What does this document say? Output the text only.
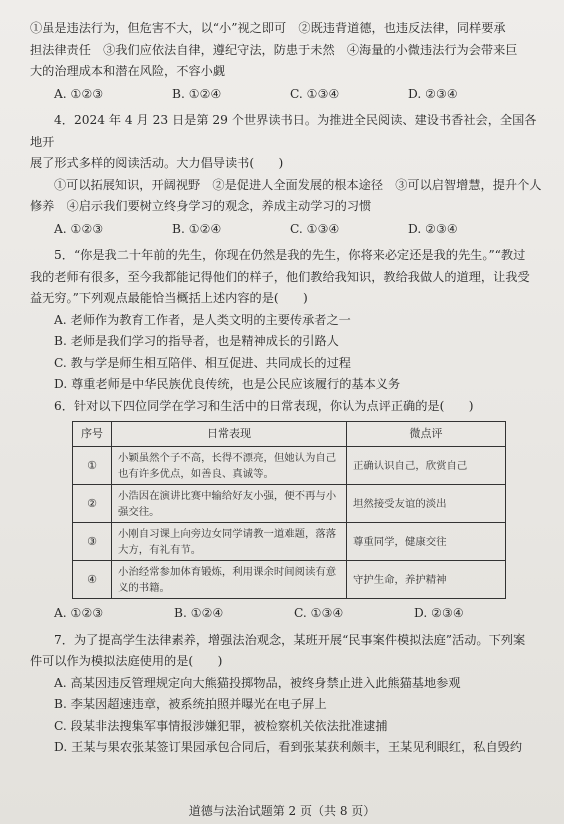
①虽是违法行为，但危害不大，以“小”视之即可　②既违背道德，也违反法律，同样要承

担法律责任　③我们应依法自律，遵纪守法，防患于未然　④海量的小微违法行为会带来巨

大的治理成本和潜在风险，不容小觑

A. ①②③	B. ①②④	C. ①③④	D. ②③④

4．2024 年 4 月 23 日是第 29 个世界读书日。为推进全民阅读、建设书香社会，全国各地开

展了形式多样的阅读活动。大力倡导读书(　　)

①可以拓展知识，开阔视野　②是促进人全面发展的根本途径　③可以启智增慧，提升个人

修养　④启示我们要树立终身学习的观念，养成主动学习的习惯

A. ①②③	B. ①②④	C. ①③④	D. ②③④

5．“你是我二十年前的先生，你现在仍然是我的先生，你将来必定还是我的先生。”“教过

我的老师有很多，至今我都能记得他们的样子，他们教给我知识，教给我做人的道理，让我受

益无穷。”下列观点最能恰当概括上述内容的是(　　)

A. 老师作为教育工作者，是人类文明的主要传承者之一

B. 老师是我们学习的指导者，也是精神成长的引路人

C. 教与学是师生相互陪伴、相互促进、共同成长的过程

D. 尊重老师是中华民族优良传统，也是公民应该履行的基本义务

6．针对以下四位同学在学习和生活中的日常表现，你认为点评正确的是(　　)

序号	日常表现	微点评
①	小颖虽然个子不高，长得不漂亮，但她认为自己也有许多优点，如善良、真诚等。	正确认识自己，欣赏自己
②	小浩因在演讲比赛中输给好友小强，便不再与小强交往。	坦然接受友谊的淡出
③	小刚自习课上向旁边女同学请教一道难题，落落大方，有礼有节。	尊重同学，健康交往
④	小治经常参加体育锻炼，利用课余时间阅读有意义的书籍。	守护生命，养护精神
A. ①②③	B. ①②④	C. ①③④	D. ②③④

7．为了提高学生法律素养，增强法治观念，某班开展“民事案件模拟法庭”活动。下列案

件可以作为模拟法庭使用的是(　　)

A. 高某因违反管理规定向大熊猫投掷物品，被终身禁止进入此熊猫基地参观

B. 李某因超速违章，被系统拍照并曝光在电子屏上

C. 段某非法搜集军事情报涉嫌犯罪，被检察机关依法批准逮捕

D. 王某与果农张某签订果园承包合同后，看到张某获利颇丰，王某见利眼红，私自毁约

道德与法治试题第 2 页（共 8 页）
